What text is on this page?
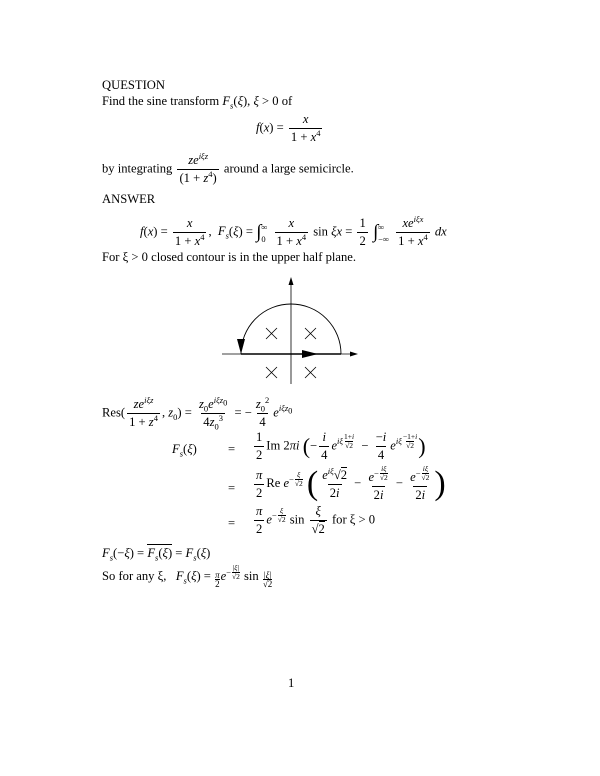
QUESTION
Find the sine transform $F_s(\xi)$, ξ > 0 of
$f(x) = \frac{x}{1 + x^4}$
by integrating $\frac{ze^{i\xi z}}{(1 + z^4)}$ around a large semicircle.
ANSWER
$f(x) = \frac{x}{1 + x^4}$ ,  $F_s(\xi)$ = ∫ ∞
0
$\frac{x}{1 + x^4}$ $\sin \xi x = \frac{1}{2}$ ∫ ∞
−∞
$\frac{xe^{i\xi x}}{1 + x^4}$ dx
For ξ > 0 closed contour is in the upper half plane.
$Res( \frac{ze^{i\xi z}}{1 + z^4}$ , $z_0) = \frac{z_0e^{i\xi z_0}}{4z_0^3}$ = − $\frac{z_0^2}{4} e^{i\xi z_0}$
$F_s(\xi) = \frac{1}{2}$ Im 2πi (− $\frac{i}{4} e^{i\xi \frac{1+i}{√2}} - \frac{-i}{4} e^{i\xi \frac{-1+i}{√2}}$ )
= $\frac{\pi}{2}$ Re $e^{- \frac{\xi}{√2}}$ ( $\frac{e^{i\xi}√2}{2i} - e^{- \frac{i\xi}{√2}}$
$2i - e^{- \frac{i\xi}{√2}}$
2i )
= $\frac{\pi}{2} e^{- \frac{\xi}{√2}}$ $\sin \frac{\xi}{√2}$ for ξ > 0
$F_s(-\xi) = F_s(\xi) = F_s(\xi)$
So for any ξ, $F_s(\xi) = \frac{\pi}{2} e^{- \frac{|\xi|}{√2}}$ $\sin \frac{|\xi|}{√2}$
1
